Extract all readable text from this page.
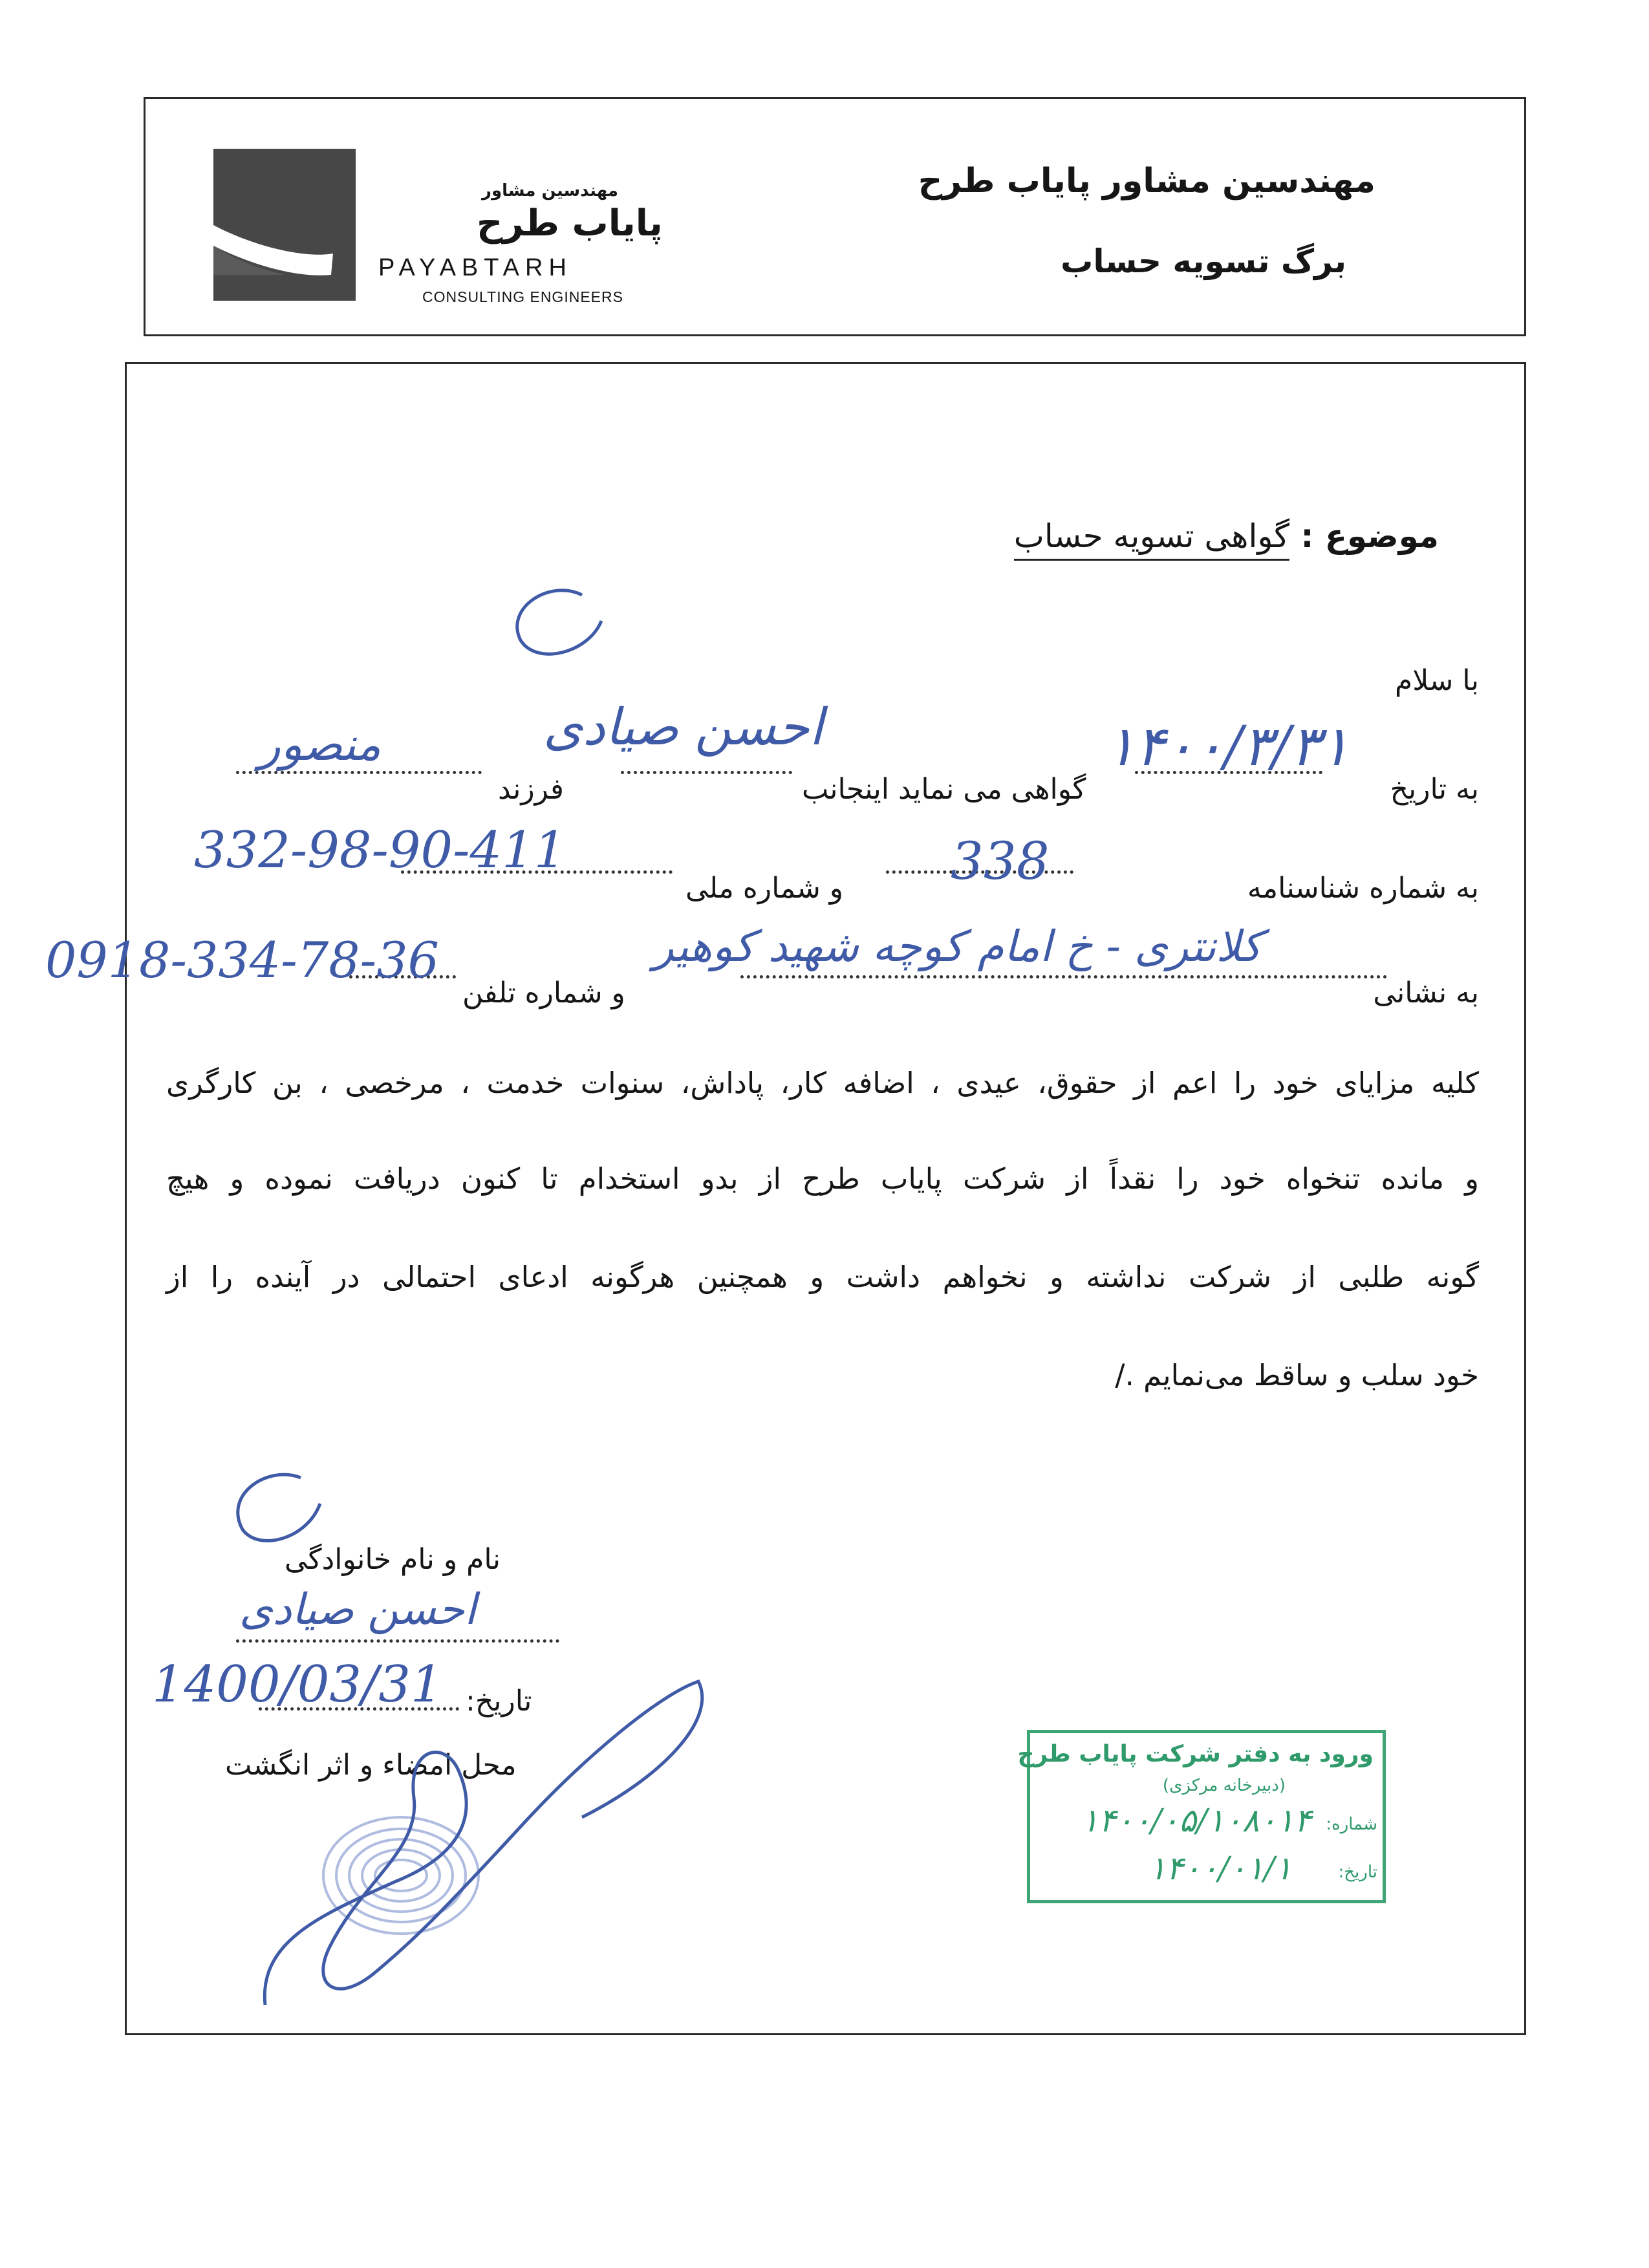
مهندسین مشاور پایاب طرح
برگ تسویه حساب
مهندسین مشاور
پایاب طرح
PAYABTARH
CONSULTING ENGINEERS
موضوع : گواهی تسویه حساب
با سلام
به تاریخ
۱۴۰۰/۳/۳۱
گواهی می نماید اینجانب
احسن صیادی
فرزند
منصور
به شماره شناسنامه
338
و شماره ملی
332-98-90-411
به نشانی
کلانتری - خ امام کوچه شهید کوهیر
و شماره تلفن
0918-334-78-36
کلیه مزایای خود را اعم از حقوق، عیدی ، اضافه کار، پاداش، سنوات خدمت ، مرخصی ، بن کارگری
و مانده تنخواه خود را نقداً از شرکت پایاب طرح از بدو استخدام تا کنون دریافت نموده و هیچ
گونه طلبی از شرکت نداشته و نخواهم داشت و همچنین هرگونه ادعای احتمالی در آینده را از
خود سلب و ساقط می‌نمایم ./
نام و نام خانوادگی
احسن صیادی
تاریخ:
1400/03/31
محل امضاء و اثر انگشت	ورود به دفتر شرکت پایاب طرح
(دبیرخانه مرکزی)
شماره:
۱۴۰۰/۰۵/۱۰۸۰۱۴
تاریخ:
۱۴۰۰/۰۱/۱
